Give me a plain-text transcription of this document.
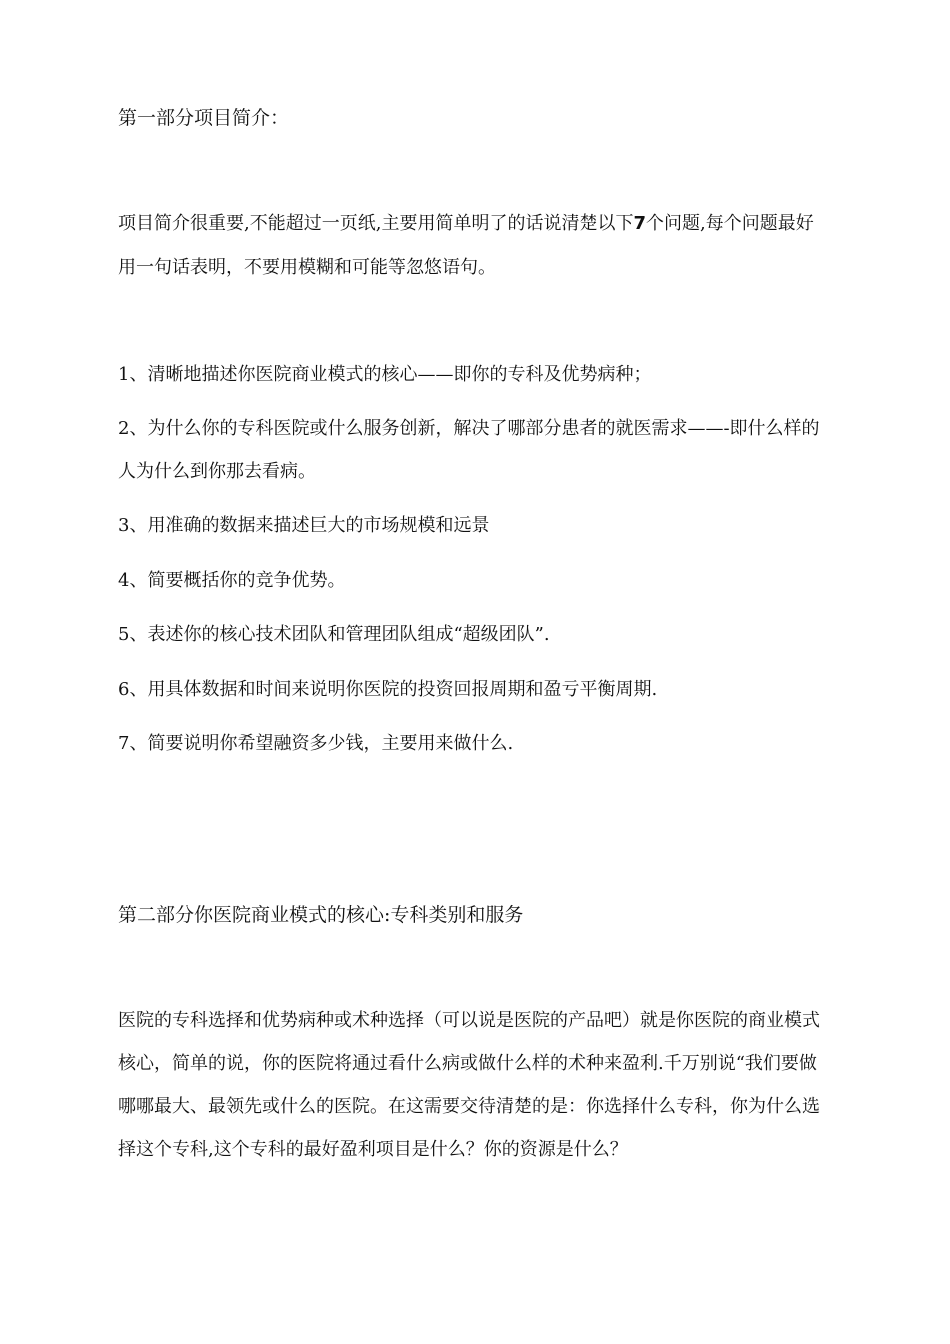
第一部分项目简介：

项目简介很重要,不能超过一页纸,主要用简单明了的话说清楚以下7个问题,每个问题最好

用一句话表明，不要用模糊和可能等忽悠语句。

1、清晰地描述你医院商业模式的核心——即你的专科及优势病种；

2、为什么你的专科医院或什么服务创新，解决了哪部分患者的就医需求——-即什么样的

人为什么到你那去看病。

3、用准确的数据来描述巨大的市场规模和远景

4、简要概括你的竞争优势。

5、表述你的核心技术团队和管理团队组成“超级团队”.

6、用具体数据和时间来说明你医院的投资回报周期和盈亏平衡周期.

7、简要说明你希望融资多少钱，主要用来做什么.

第二部分你医院商业模式的核心:专科类别和服务

医院的专科选择和优势病种或术种选择（可以说是医院的产品吧）就是你医院的商业模式

核心，简单的说，你的医院将通过看什么病或做什么样的术种来盈利.千万别说“我们要做

哪哪最大、最领先或什么的医院。在这需要交待清楚的是：你选择什么专科，你为什么选

择这个专科,这个专科的最好盈利项目是什么？你的资源是什么？
